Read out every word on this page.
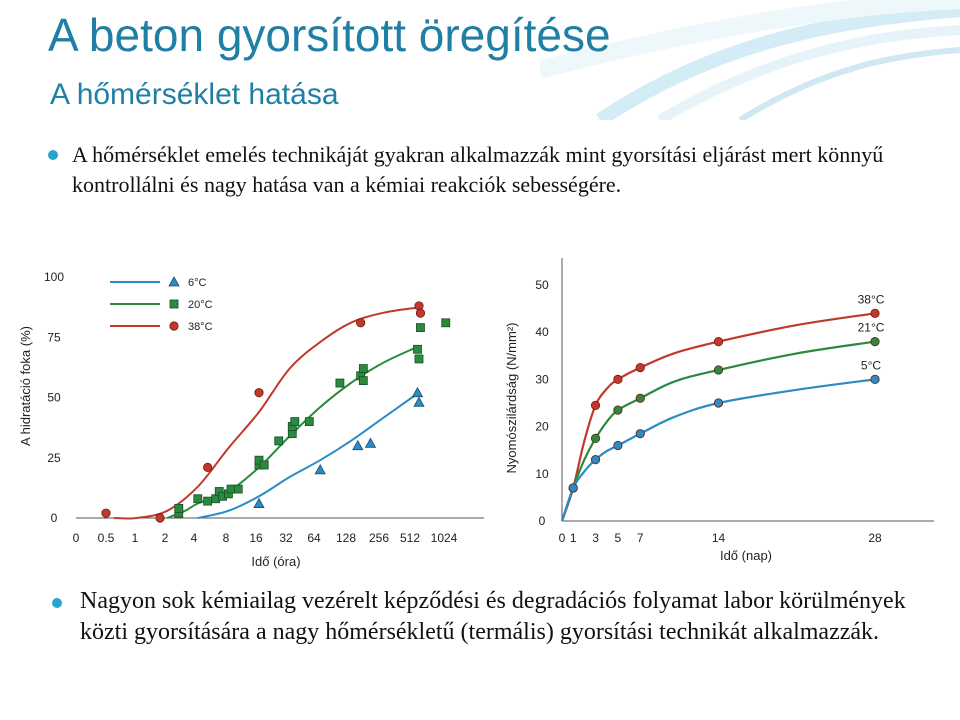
A beton gyorsított öregítése
A hőmérséklet hatása
A hőmérséklet emelés technikáját gyakran alkalmazzák mint gyorsítási eljárást mert könnyű kontrollálni és nagy hatása van a kémiai reakciók sebességére.
Idő (óra)
A hidratáció foka (%)
0 0.5 1 2 4 8 16 32 64 128 256 512 1024
0
25
50
75
100	6°C
20°C
38°C
Idő (nap)
Nyomószilárdság (N/mm²)
0 1 3 5 7	14	28
0
10
20
30
40
50
38°C
21°C
5°C
Nagyon sok kémiailag vezérelt képződési és degradációs folyamat labor körülmények közti gyorsítására a nagy hőmérsékletű (termális) gyorsítási technikát alkalmazzák.
